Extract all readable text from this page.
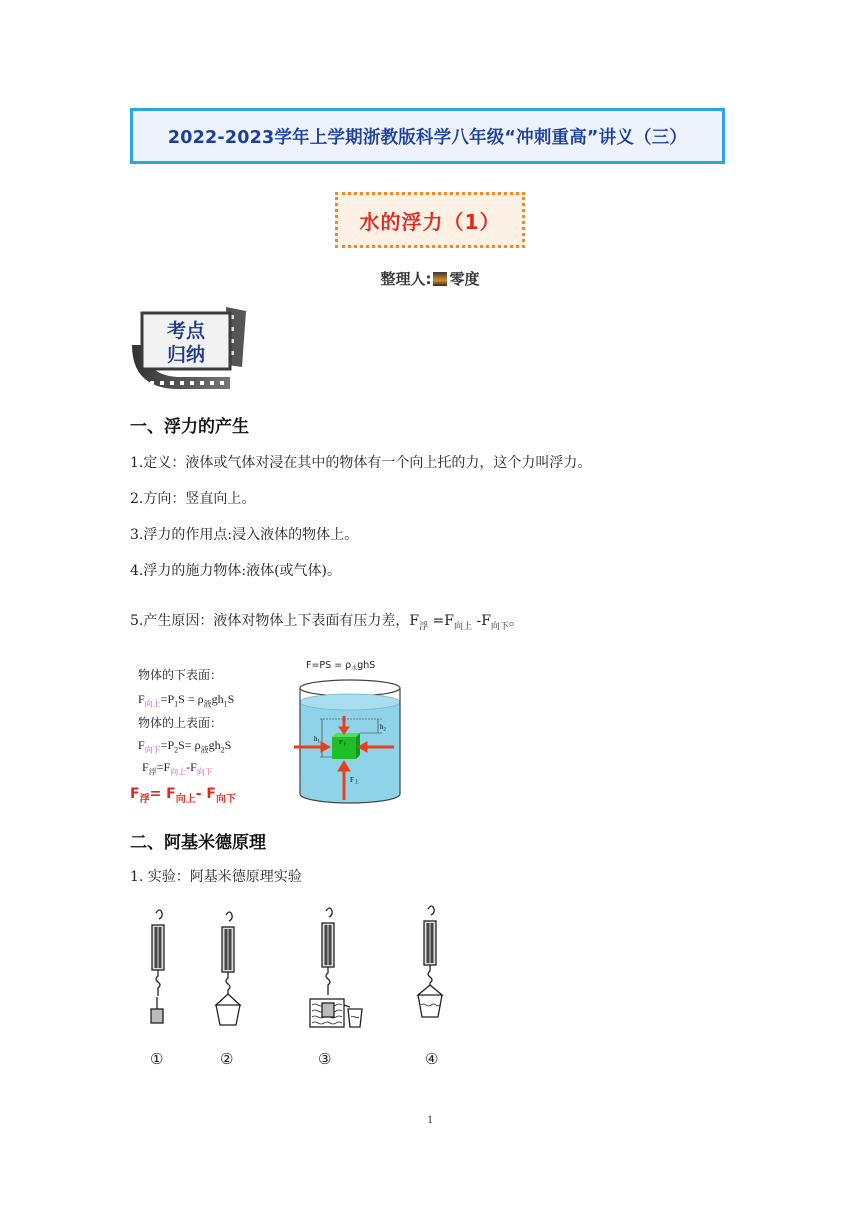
2022-2023学年上学期浙教版科学八年级“冲刺重高”讲义（三）
水的浮力（1）
整理人: 零度
考点
归纳
一、浮力的产生
1.定义：液体或气体对浸在其中的物体有一个向上托的力，这个力叫浮力。
2.方向：竖直向上。
3.浮力的作用点:浸入液体的物体上。
4.浮力的施力物体:液体(或气体)。
5.产生原因：液体对物体上下表面有压力差，$F_浮 =F_{向上}$ $-F_{向下}$。
物体的下表面：
$F_{向上}=P_1S = \rho_液gh_1S$
物体的上表面：
$F_{向下}=P_2S= \rho_液gh_2S$
$F_浮=F_{向上}-F_{向下}$
$F_浮= F_{向上}-$ $F_{向下}$
$F=PS = \rho_水ghS$
$h_1$
$h_2$
$F_下$
$F_上$
二、阿基米德原理
1. 实验：阿基米德原理实验
①	②	③	④
1
